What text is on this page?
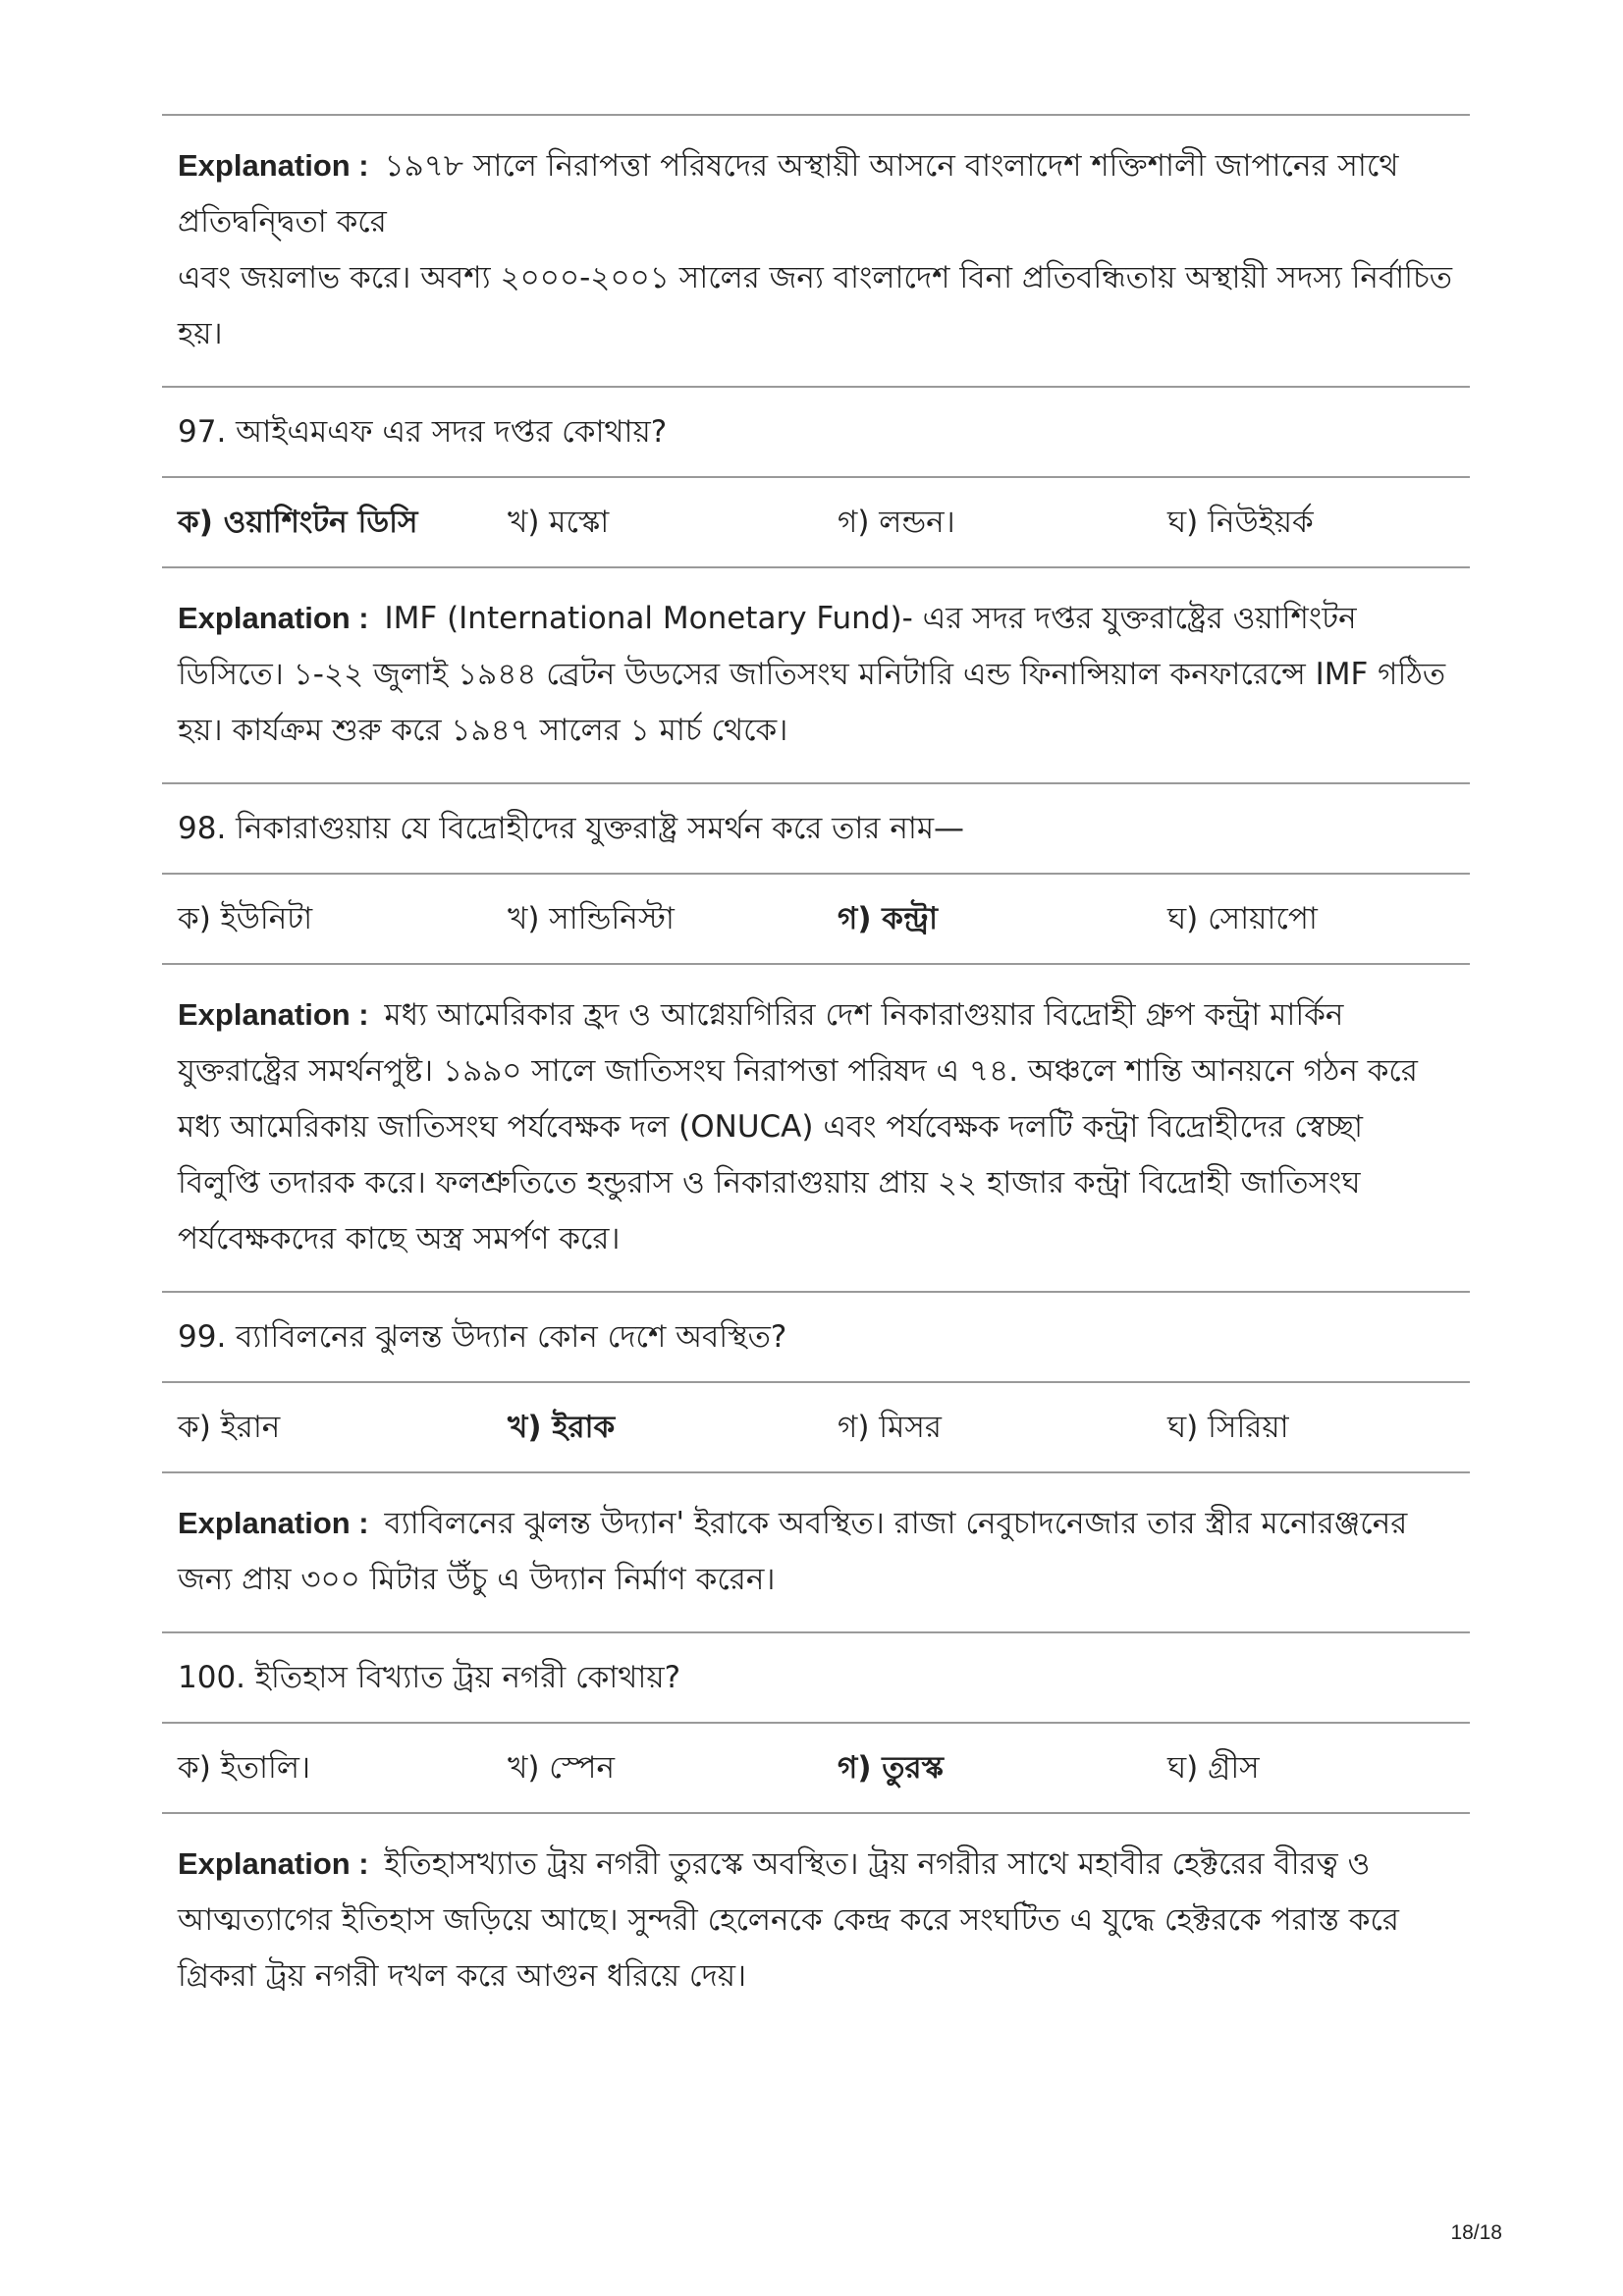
Explanation : ১৯৭৮ সালে নিরাপত্তা পরিষদের অস্থায়ী আসনে বাংলাদেশ শক্তিশালী জাপানের সাথে প্রতিদ্বন্দ্বিতা করে

এবং জয়লাভ করে। অবশ্য ২০০০-২০০১ সালের জন্য বাংলাদেশ বিনা প্রতিবন্ধিতায় অস্থায়ী সদস্য নির্বাচিত হয়।

97. আইএমএফ এর সদর দপ্তর কোথায়?
ক) ওয়াশিংটন ডিসি	খ) মস্কো	গ) লন্ডন।	ঘ) নিউইয়র্ক
Explanation : IMF (International Monetary Fund)- এর সদর দপ্তর যুক্তরাষ্ট্রের ওয়াশিংটন ডিসিতে। ১-২২ জুলাই ১৯৪৪ ব্রেটন উডসের জাতিসংঘ মনিটারি এন্ড ফিনান্সিয়াল কনফারেন্সে IMF গঠিত হয়। কার্যক্রম শুরু করে ১৯৪৭ সালের ১ মার্চ থেকে।
98. নিকারাগুয়ায় যে বিদ্রোহীদের যুক্তরাষ্ট্র সমর্থন করে তার নাম—
ক) ইউনিটা	খ) সান্ডিনিস্টা	গ) কন্ট্রা	ঘ) সোয়াপো
Explanation : মধ্য আমেরিকার হ্রদ ও আগ্নেয়গিরির দেশ নিকারাগুয়ার বিদ্রোহী গ্রুপ কন্ট্রা মার্কিন যুক্তরাষ্ট্রের সমর্থনপুষ্ট। ১৯৯০ সালে জাতিসংঘ নিরাপত্তা পরিষদ এ ৭৪. অঞ্চলে শান্তি আনয়নে গঠন করে মধ্য আমেরিকায় জাতিসংঘ পর্যবেক্ষক দল (ONUCA) এবং পর্যবেক্ষক দলটি কন্ট্রা বিদ্রোহীদের স্বেচ্ছা বিলুপ্তি তদারক করে। ফলশ্রুতিতে হন্ডুরাস ও নিকারাগুয়ায় প্রায় ২২ হাজার কন্ট্রা বিদ্রোহী জাতিসংঘ পর্যবেক্ষকদের কাছে অস্ত্র সমর্পণ করে।
99. ব্যাবিলনের ঝুলন্ত উদ্যান কোন দেশে অবস্থিত?
ক) ইরান	খ) ইরাক	গ) মিসর	ঘ) সিরিয়া
Explanation : ব্যাবিলনের ঝুলন্ত উদ্যান' ইরাকে অবস্থিত। রাজা নেবুচাদনেজার তার স্ত্রীর মনোরঞ্জনের জন্য প্রায় ৩০০ মিটার উঁচু এ উদ্যান নির্মাণ করেন।
100. ইতিহাস বিখ্যাত ট্রয় নগরী কোথায়?
ক) ইতালি।	খ) স্পেন	গ) তুরস্ক	ঘ) গ্রীস
Explanation : ইতিহাসখ্যাত ট্রয় নগরী তুরস্কে অবস্থিত। ট্রয় নগরীর সাথে মহাবীর হেক্টরের বীরত্ব ও আত্মত্যাগের ইতিহাস জড়িয়ে আছে। সুন্দরী হেলেনকে কেন্দ্র করে সংঘটিত এ যুদ্ধে হেক্টরকে পরাস্ত করে গ্রিকরা ট্রয় নগরী দখল করে আগুন ধরিয়ে দেয়।
18/18
